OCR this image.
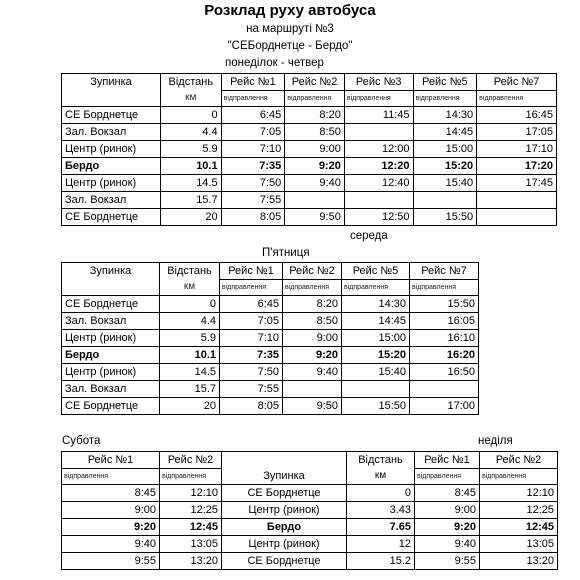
Розклад руху автобуса
на маршруті №3
"СЕБорднетце - Бердо"
понеділок - четвер
Зупинка	Відстань	Рейс №1	Рейс №2	Рейс №3	Рейс №5	Рейс №7
	км	відправлення	відправлення	відправлення	відправлення	відправлення
СЕ Борднетце	0	6:45	8:20	11:45	14:30	16:45
Зал. Вокзал	4.4	7:05	8:50		14:45	17:05
Центр (ринок)	5.9	7:10	9:00	12:00	15:00	17:10
Бердо	10.1	7:35	9:20	12:20	15:20	17:20
Центр (ринок)	14.5	7:50	9:40	12:40	15:40	17:45
Зал. Вокзал	15.7	7:55				
СЕ Борднетце	20	8:05	9:50	12:50	15:50	
середа
П'ятниця
Зупинка	Відстань	Рейс №1	Рейс №2	Рейс №5	Рейс №7
	км	відправлення	відправлення	відправлення	відправлення
СЕ Борднетце	0	6:45	8:20	14:30	15:50
Зал. Вокзал	4.4	7:05	8:50	14:45	16:05
Центр (ринок)	5.9	7:10	9:00	15:00	16:10
Бердо	10.1	7:35	9:20	15:20	16:20
Центр (ринок)	14.5	7:50	9:40	15:40	16:50
Зал. Вокзал	15.7	7:55			
СЕ Борднетце	20	8:05	9:50	15:50	17:00
Субота	неділя
Рейс №1	Рейс №2		Відстань	Рейс №1	Рейс №2
відправлення	відправлення	Зупинка	км	відправлення	відправлення
8:45	12:10	СЕ Борднетце	0	8:45	12:10
9:00	12:25	Центр (ринок)	3.43	9:00	12:25
9:20	12:45	Бердо	7.65	9:20	12:45
9:40	13:05	Центр (ринок)	12	9:40	13:05
9:55	13:20	СЕ Борднетце	15.2	9:55	13:20
